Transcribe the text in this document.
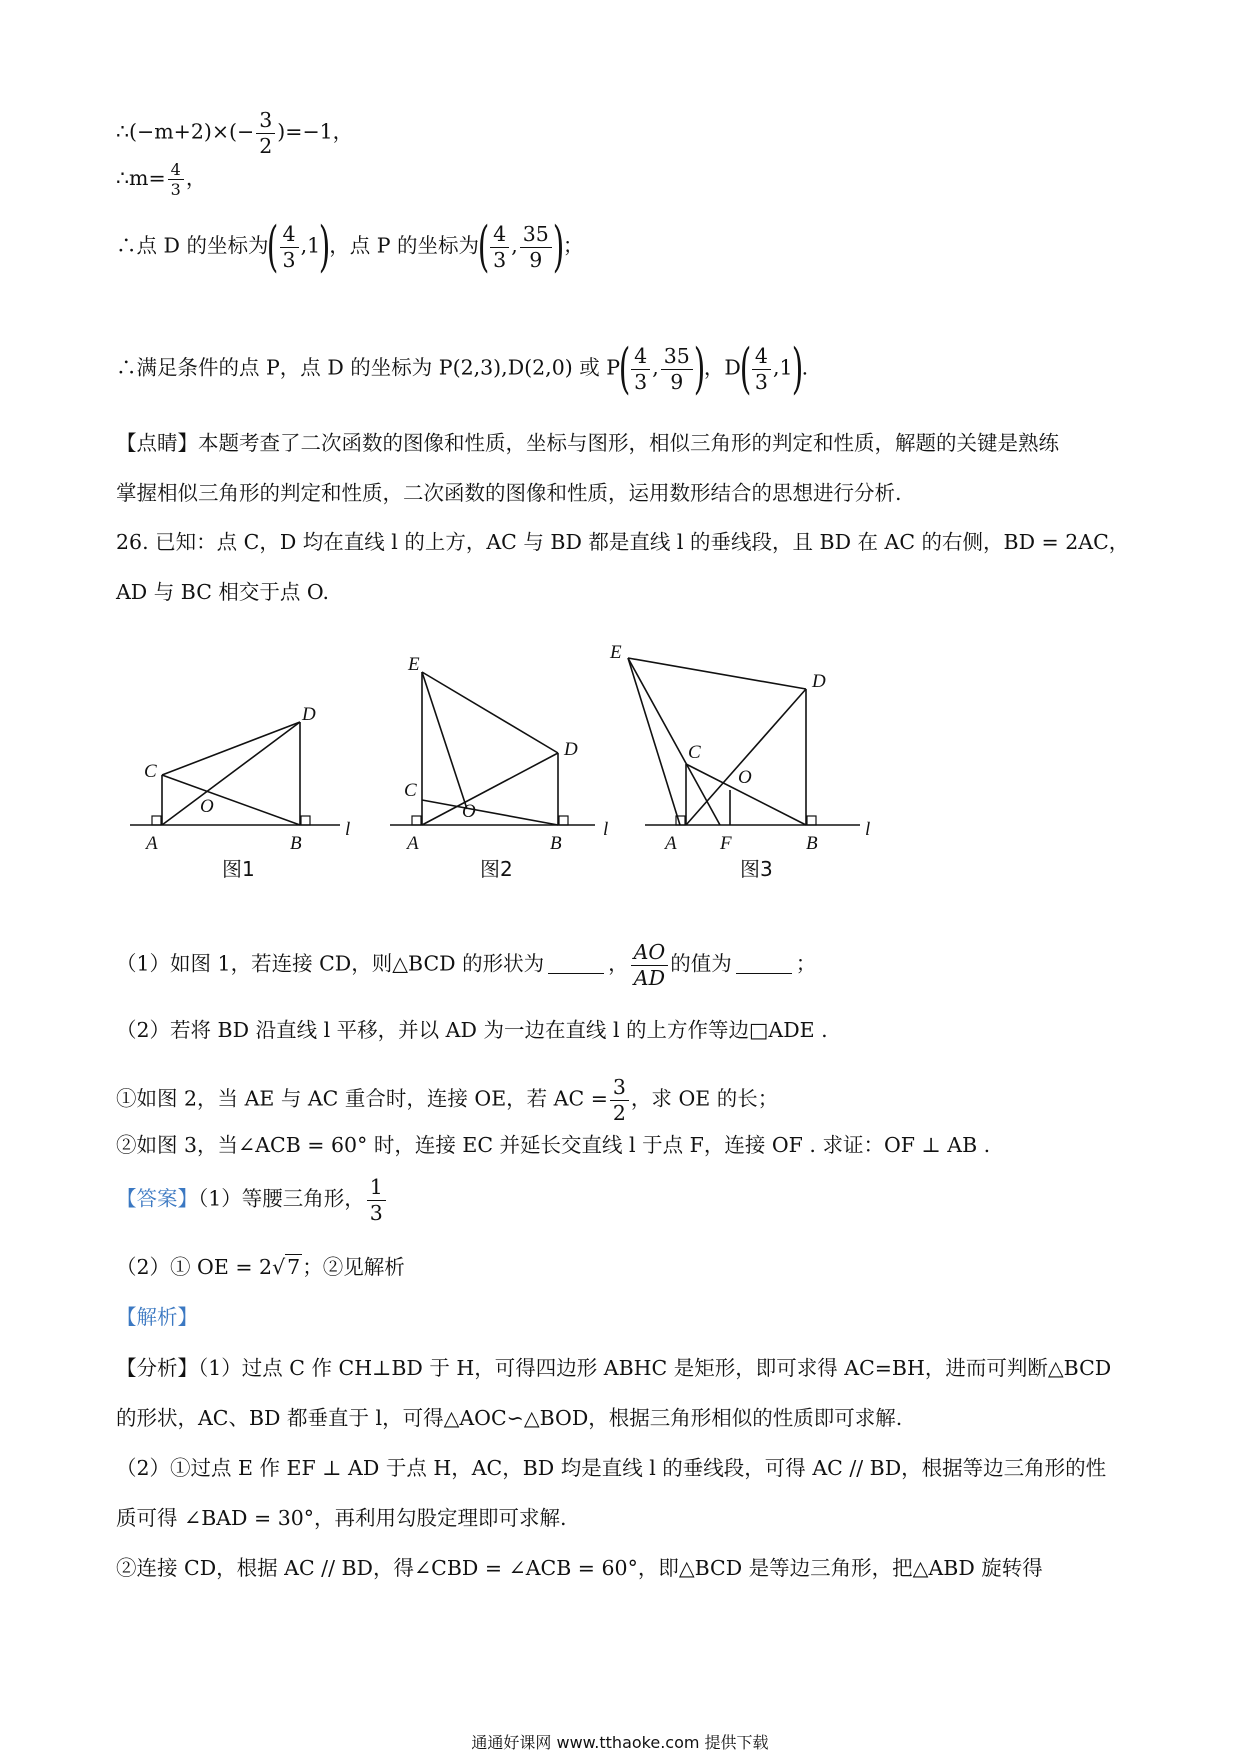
∴(−m+2)×(− $\frac{3}{2} )=-1$，
∴m= $\frac{4}{3}$ ，
∴点 D 的坐标为( $\frac{4}{3} ,1$)，点 P 的坐标为( $\frac{4}{3}$ , $\frac{35}{9}$ )；
∴满足条件的点 P，点 D 的坐标为 P(2,3),D(2,0) 或 $P( \frac{4}{3}$ , $\frac{35}{9}$ )，$D( \frac{4}{3} ,1)$.
【点睛】本题考查了二次函数的图像和性质，坐标与图形，相似三角形的判定和性质，解题的关键是熟练
掌握相似三角形的判定和性质，二次函数的图像和性质，运用数形结合的思想进行分析.
26. 已知：点 C，D 均在直线 l 的上方，AC 与 BD 都是直线 l 的垂线段，且 BD 在 AC 的右侧，BD = 2AC，
AD 与 BC 相交于点 O.
A	B
C
D
O
l
A	B
C
D
E
O
l
A F	B
C
D
E
O
l
图1	图2	图3
（1）如图 1，若连接 CD，则△BCD 的形状为	， $\frac{AO}{AD}$ 的值为	；
（2）若将 BD 沿直线 l 平移，并以 AD 为一边在直线 l 的上方作等边□ADE .
①如图 2，当 AE 与 AC 重合时，连接 OE，若 AC = $\frac{3}{2}$ ，求 OE 的长；
②如图 3，当∠ACB = 60° 时，连接 EC 并延长交直线 l 于点 F，连接 OF . 求证：OF ⊥ AB .
【答案】（1）等腰三角形， $\frac{1}{3}$
（2）① OE = 2√7；②见解析
【解析】
【分析】（1）过点 C 作 CH⊥BD 于 H，可得四边形 ABHC 是矩形，即可求得 AC=BH，进而可判断△BCD
的形状，AC、BD 都垂直于 l，可得△AOC∽△BOD，根据三角形相似的性质即可求解.
（2）①过点 E 作 EF ⊥ AD 于点 H，AC，BD 均是直线 l 的垂线段，可得 AC // BD，根据等边三角形的性
质可得 ∠BAD = 30°，再利用勾股定理即可求解.
②连接 CD，根据 AC // BD，得∠CBD = ∠ACB = 60°，即△BCD 是等边三角形，把△ABD 旋转得
通通好课网 www.tthaoke.com 提供下载
